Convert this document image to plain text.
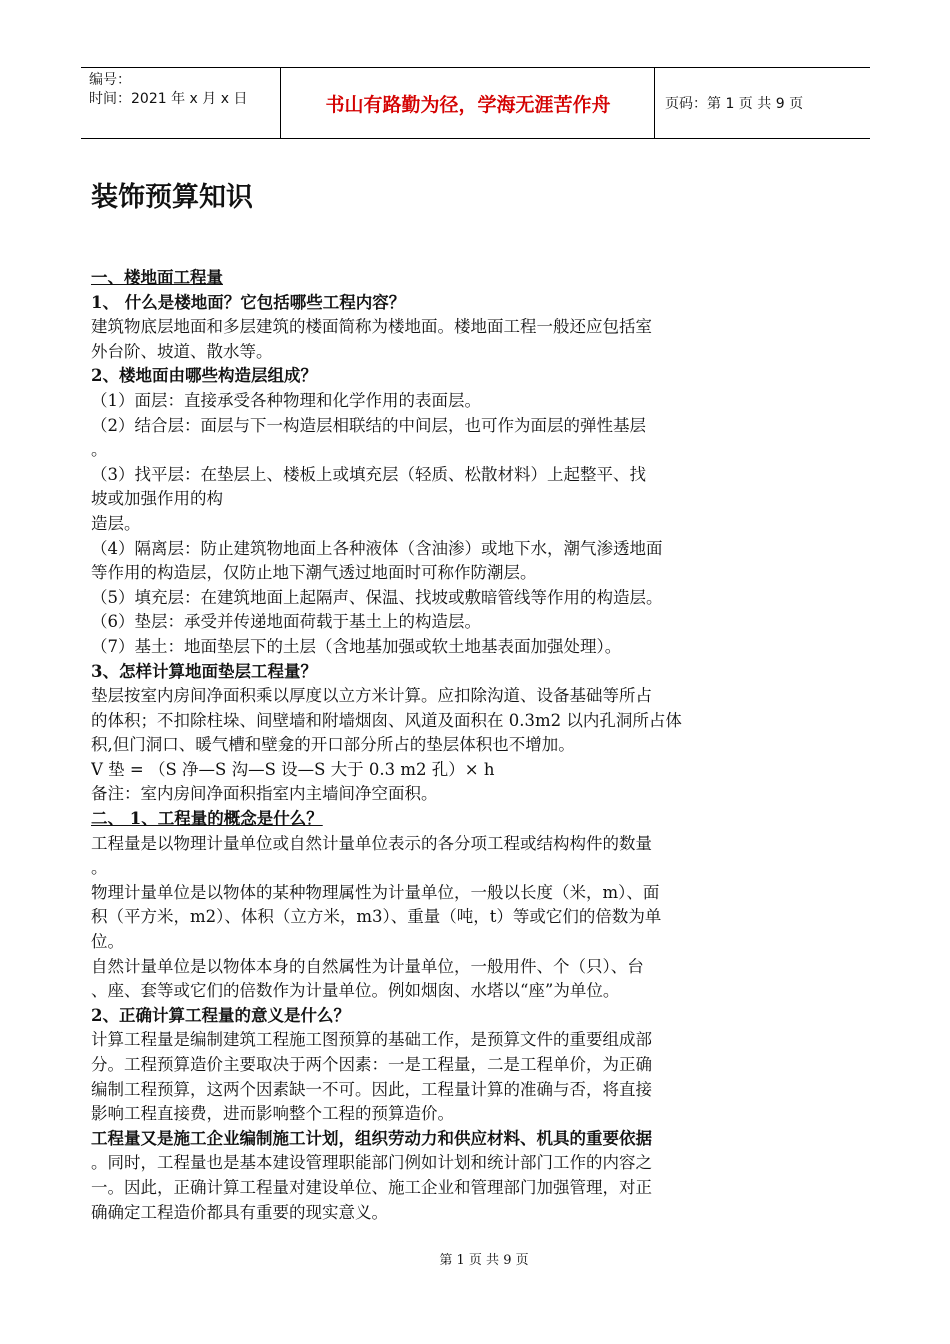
编号：
时间：2021 年 x 月 x 日	书山有路勤为径，学海无涯苦作舟	页码：第 1 页 共 9 页
装饰预算知识
一、楼地面工程量
1、 什么是楼地面？它包括哪些工程内容？
建筑物底层地面和多层建筑的楼面简称为楼地面。楼地面工程一般还应包括室
外台阶、坡道、散水等。
2、楼地面由哪些构造层组成？
（1）面层：直接承受各种物理和化学作用的表面层。
（2）结合层：面层与下一构造层相联结的中间层，也可作为面层的弹性基层
。
（3）找平层：在垫层上、楼板上或填充层（轻质、松散材料）上起整平、找
坡或加强作用的构
造层。
（4）隔离层：防止建筑物地面上各种液体（含油渗）或地下水，潮气渗透地面
等作用的构造层，仅防止地下潮气透过地面时可称作防潮层。
（5）填充层：在建筑地面上起隔声、保温、找坡或敷暗管线等作用的构造层。
（6）垫层：承受并传递地面荷载于基土上的构造层。
（7）基土：地面垫层下的土层（含地基加强或软土地基表面加强处理）。
3、怎样计算地面垫层工程量？
垫层按室内房间净面积乘以厚度以立方米计算。应扣除沟道、设备基础等所占
的体积；不扣除柱垛、间壁墙和附墙烟囱、风道及面积在 0.3m2 以内孔洞所占体
积,但门洞口、暖气槽和壁龛的开口部分所占的垫层体积也不增加。
V 垫 = （S 净—S 沟—S 设—S 大于 0.3 m2 孔）× h
备注：室内房间净面积指室内主墙间净空面积。
二、 1、工程量的概念是什么？
工程量是以物理计量单位或自然计量单位表示的各分项工程或结构构件的数量
。
物理计量单位是以物体的某种物理属性为计量单位，一般以长度（米，m）、面
积（平方米，m2）、体积（立方米，m3）、重量（吨，t）等或它们的倍数为单
位。
自然计量单位是以物体本身的自然属性为计量单位，一般用件、个（只）、台
、座、套等或它们的倍数作为计量单位。例如烟囱、水塔以“座”为单位。
2、正确计算工程量的意义是什么？
计算工程量是编制建筑工程施工图预算的基础工作，是预算文件的重要组成部
分。工程预算造价主要取决于两个因素：一是工程量，二是工程单价，为正确
编制工程预算，这两个因素缺一不可。因此，工程量计算的准确与否，将直接
影响工程直接费，进而影响整个工程的预算造价。
工程量又是施工企业编制施工计划，组织劳动力和供应材料、机具的重要依据
。同时，工程量也是基本建设管理职能部门例如计划和统计部门工作的内容之
一。因此，正确计算工程量对建设单位、施工企业和管理部门加强管理，对正
确确定工程造价都具有重要的现实意义。
第 1 页 共 9 页
